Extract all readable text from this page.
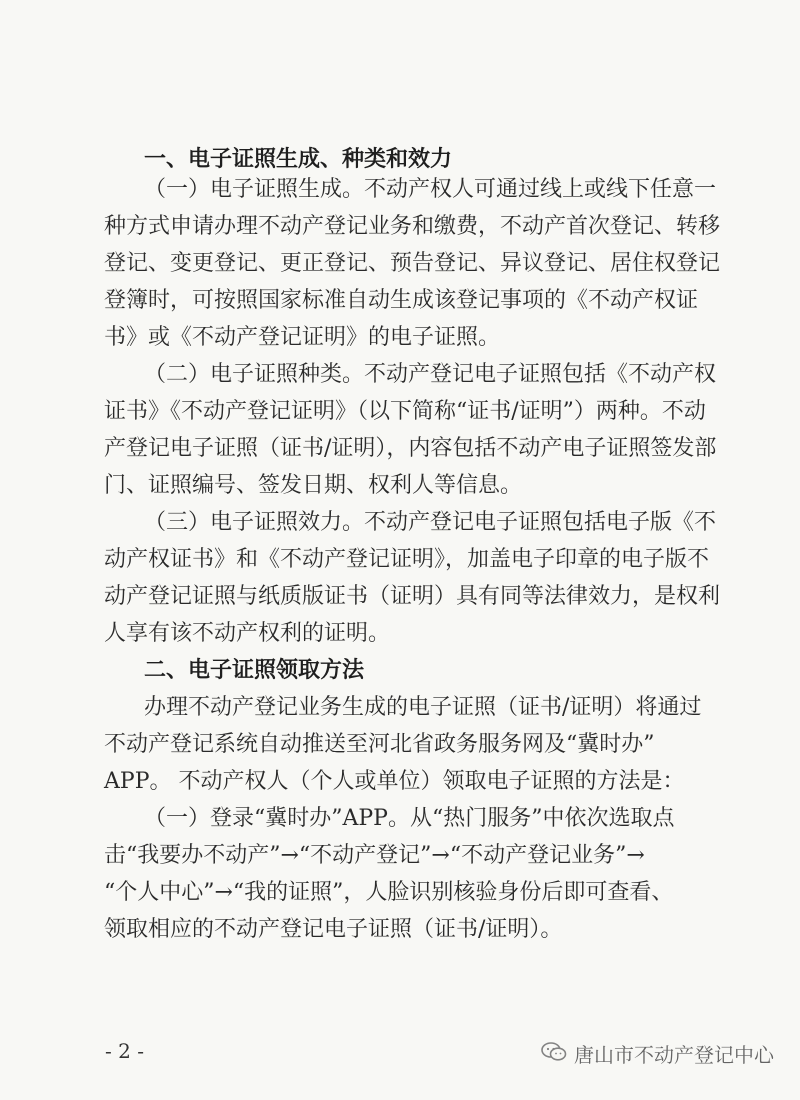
一、电子证照生成、种类和效力
（一）电子证照生成。不动产权人可通过线上或线下任意一
种方式申请办理不动产登记业务和缴费，不动产首次登记、转移
登记、变更登记、更正登记、预告登记、异议登记、居住权登记
登簿时，可按照国家标准自动生成该登记事项的《不动产权证
书》或《不动产登记证明》的电子证照。
（二）电子证照种类。不动产登记电子证照包括《不动产权
证书》《不动产登记证明》（以下简称“证书/证明”）两种。不动
产登记电子证照（证书/证明），内容包括不动产电子证照签发部
门、证照编号、签发日期、权利人等信息。
（三）电子证照效力。不动产登记电子证照包括电子版《不
动产权证书》和《不动产登记证明》，加盖电子印章的电子版不
动产登记证照与纸质版证书（证明）具有同等法律效力，是权利
人享有该不动产权利的证明。
二、电子证照领取方法
办理不动产登记业务生成的电子证照（证书/证明）将通过
不动产登记系统自动推送至河北省政务服务网及“冀时办”
APP。 不动产权人（个人或单位）领取电子证照的方法是：
（一）登录“冀时办”APP。从“热门服务”中依次选取点
击“我要办不动产”→“不动产登记”→“不动产登记业务”→
“个人中心”→“我的证照”，人脸识别核验身份后即可查看、
领取相应的不动产登记电子证照（证书/证明）。
- 2 -	唐山市不动产登记中心
